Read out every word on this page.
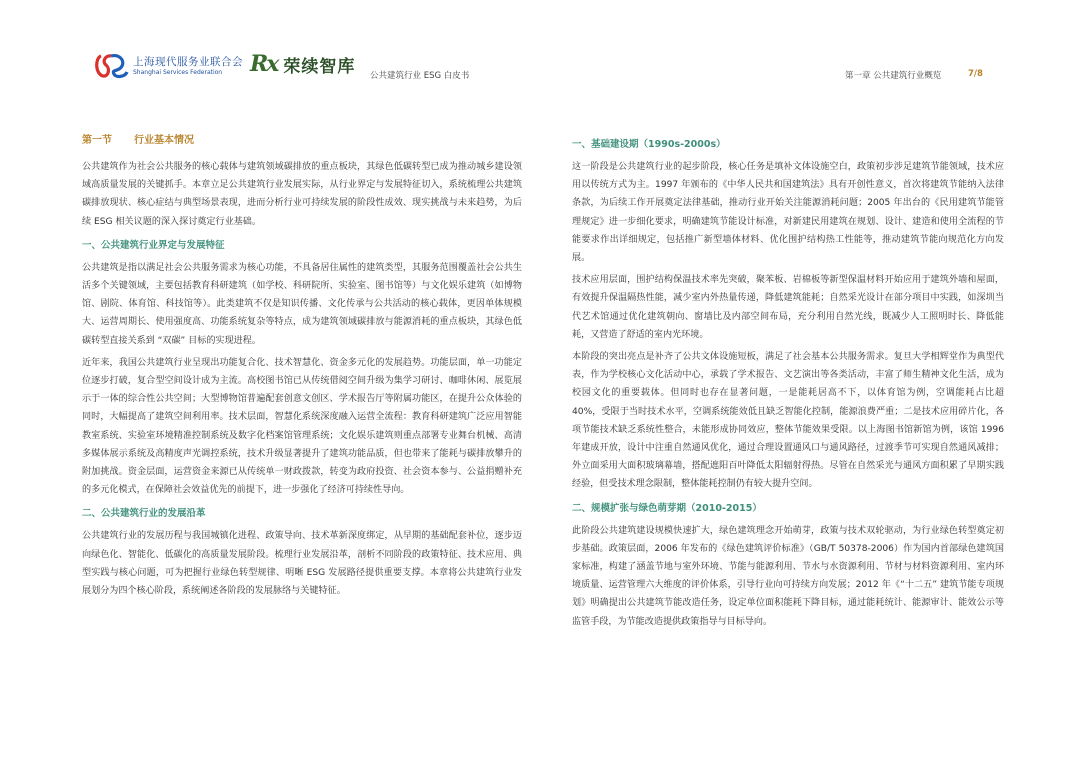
上海现代服务业联合会
Shanghai Services Federation	Rx 荣续智库 公共建筑行业 ESG 白皮书	第一章 公共建筑行业概览	7/8
第一节 行业基本情况

公共建筑作为社会公共服务的核心载体与建筑领域碳排放的重点板块，其绿色低碳转型已成为推动城乡建设领域高质量发展的关键抓手。本章立足公共建筑行业发展实际，从行业界定与发展特征切入，系统梳理公共建筑碳排放现状、核心症结与典型场景表现，进而分析行业可持续发展的阶段性成效、现实挑战与未来趋势，为后续 ESG 相关议题的深入探讨奠定行业基础。

一、公共建筑行业界定与发展特征

公共建筑是指以满足社会公共服务需求为核心功能，不具备居住属性的建筑类型，其服务范围覆盖社会公共生活多个关键领域，主要包括教育科研建筑（如学校、科研院所、实验室、图书馆等）与文化娱乐建筑（如博物馆、剧院、体育馆、科技馆等）。此类建筑不仅是知识传播、文化传承与公共活动的核心载体，更因单体规模大、运营周期长、使用强度高、功能系统复杂等特点，成为建筑领域碳排放与能源消耗的重点板块，其绿色低碳转型直接关系到 “双碳” 目标的实现进程。

近年来，我国公共建筑行业呈现出功能复合化、技术智慧化、资金多元化的发展趋势。功能层面，单一功能定位逐步打破，复合型空间设计成为主流。高校图书馆已从传统借阅空间升级为集学习研讨、咖啡休闲、展览展示于一体的综合性公共空间；大型博物馆普遍配套创意文创区、学术报告厅等附属功能区，在提升公众体验的同时，大幅提高了建筑空间利用率。技术层面，智慧化系统深度融入运营全流程：教育科研建筑广泛应用智能教室系统、实验室环境精准控制系统及数字化档案馆管理系统；文化娱乐建筑则重点部署专业舞台机械、高清多媒体展示系统及高精度声光调控系统，技术升级显著提升了建筑功能品质，但也带来了能耗与碳排放攀升的附加挑战。资金层面，运营资金来源已从传统单一财政拨款，转变为政府投资、社会资本参与、公益捐赠补充的多元化模式，在保障社会效益优先的前提下，进一步强化了经济可持续性导向。

二、公共建筑行业的发展沿革

公共建筑行业的发展历程与我国城镇化进程、政策导向、技术革新深度绑定，从早期的基础配套补位，逐步迈向绿色化、智能化、低碳化的高质量发展阶段。梳理行业发展沿革，剖析不同阶段的政策特征、技术应用、典型实践与核心问题，可为把握行业绿色转型规律、明晰 ESG 发展路径提供重要支撑。本章将公共建筑行业发展划分为四个核心阶段，系统阐述各阶段的发展脉络与关键特征。

一、基础建设期（1990s-2000s）

这一阶段是公共建筑行业的起步阶段，核心任务是填补文体设施空白，政策初步涉足建筑节能领域，技术应用以传统方式为主。1997 年颁布的《中华人民共和国建筑法》具有开创性意义，首次将建筑节能纳入法律条款，为后续工作开展奠定法律基础，推动行业开始关注能源消耗问题；2005 年出台的《民用建筑节能管理规定》进一步细化要求，明确建筑节能设计标准，对新建民用建筑在规划、设计、建造和使用全流程的节能要求作出详细规定，包括推广新型墙体材料、优化围护结构热工性能等，推动建筑节能向规范化方向发展。

技术应用层面，围护结构保温技术率先突破，聚苯板、岩棉板等新型保温材料开始应用于建筑外墙和屋面，有效提升保温隔热性能，减少室内外热量传递，降低建筑能耗；自然采光设计在部分项目中实践，如深圳当代艺术馆通过优化建筑朝向、窗墙比及内部空间布局，充分利用自然光线，既减少人工照明时长、降低能耗，又营造了舒适的室内光环境。

本阶段的突出亮点是补齐了公共文体设施短板，满足了社会基本公共服务需求。复旦大学相辉堂作为典型代表，作为学校核心文化活动中心，承载了学术报告、文艺演出等各类活动，丰富了师生精神文化生活，成为校园文化的重要载体。但同时也存在显著问题，一是能耗居高不下，以体育馆为例，空调能耗占比超 40%，受限于当时技术水平，空调系统能效低且缺乏智能化控制，能源浪费严重；二是技术应用碎片化，各项节能技术缺乏系统性整合，未能形成协同效应，整体节能效果受限。以上海图书馆新馆为例，该馆 1996 年建成开放，设计中注重自然通风优化，通过合理设置通风口与通风路径，过渡季节可实现自然通风减排；外立面采用大面积玻璃幕墙，搭配遮阳百叶降低太阳辐射得热。尽管在自然采光与通风方面积累了早期实践经验，但受技术理念限制，整体能耗控制仍有较大提升空间。

二、规模扩张与绿色萌芽期（2010-2015）

此阶段公共建筑建设规模快速扩大，绿色建筑理念开始萌芽，政策与技术双轮驱动，为行业绿色转型奠定初步基础。政策层面，2006 年发布的《绿色建筑评价标准》（GB/T 50378-2006）作为国内首部绿色建筑国家标准，构建了涵盖节地与室外环境、节能与能源利用、节水与水资源利用、节材与材料资源利用、室内环境质量、运营管理六大维度的评价体系，引导行业向可持续方向发展；2012 年《“十二五” 建筑节能专项规划》明确提出公共建筑节能改造任务，设定单位面积能耗下降目标，通过能耗统计、能源审计、能效公示等监管手段，为节能改造提供政策指导与目标导向。
